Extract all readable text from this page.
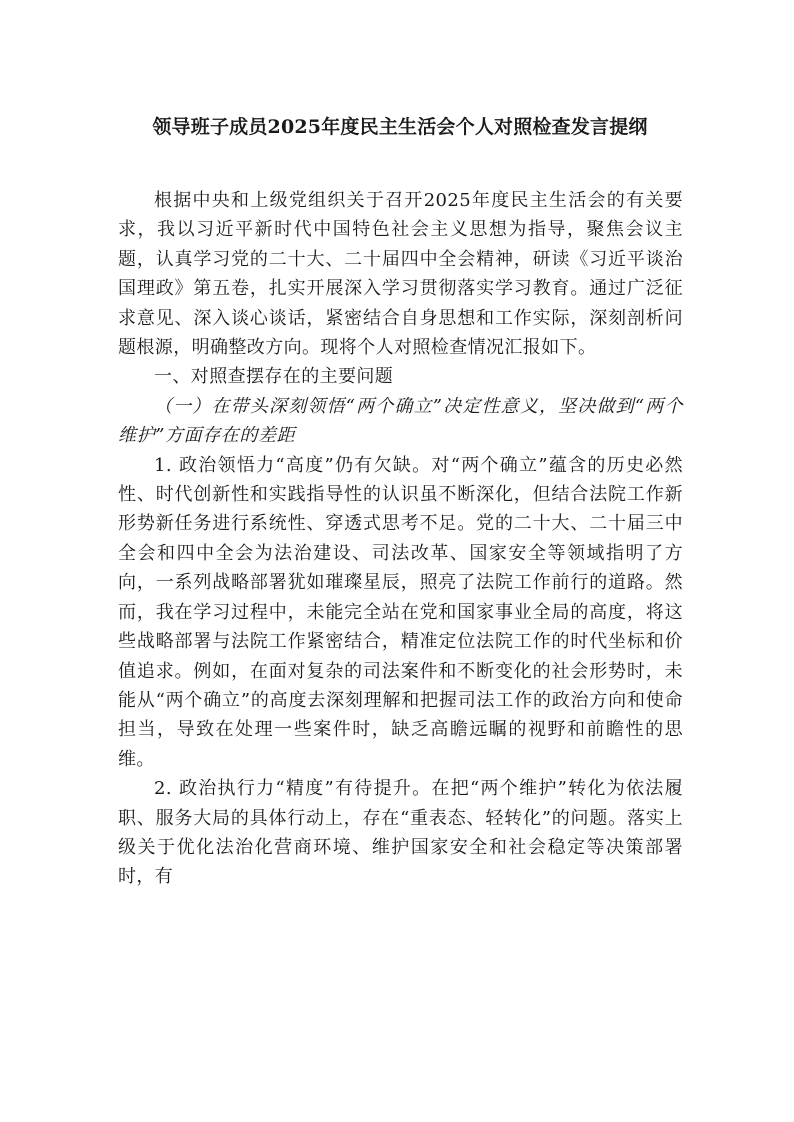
领导班子成员2025年度民主生活会个人对照检查发言提纲

根据中央和上级党组织关于召开2025年度民主生活会的有关要求，我以习近平新时代中国特色社会主义思想为指导，聚焦会议主题，认真学习党的二十大、二十届四中全会精神，研读《习近平谈治国理政》第五卷，扎实开展深入学习贯彻落实学习教育。通过广泛征求意见、深入谈心谈话，紧密结合自身思想和工作实际，深刻剖析问题根源，明确整改方向。现将个人对照检查情况汇报如下。

一、对照查摆存在的主要问题

（一）在带头深刻领悟“两个确立”决定性意义，坚决做到“两个维护”方面存在的差距

1. 政治领悟力“高度”仍有欠缺。对“两个确立”蕴含的历史必然性、时代创新性和实践指导性的认识虽不断深化，但结合法院工作新形势新任务进行系统性、穿透式思考不足。党的二十大、二十届三中全会和四中全会为法治建设、司法改革、国家安全等领域指明了方向，一系列战略部署犹如璀璨星辰，照亮了法院工作前行的道路。然而，我在学习过程中，未能完全站在党和国家事业全局的高度，将这些战略部署与法院工作紧密结合，精准定位法院工作的时代坐标和价值追求。例如，在面对复杂的司法案件和不断变化的社会形势时，未能从“两个确立”的高度去深刻理解和把握司法工作的政治方向和使命担当，导致在处理一些案件时，缺乏高瞻远瞩的视野和前瞻性的思维。

2. 政治执行力“精度”有待提升。在把“两个维护”转化为依法履职、服务大局的具体行动上，存在“重表态、轻转化”的问题。落实上级关于优化法治化营商环境、维护国家安全和社会稳定等决策部署时，有
